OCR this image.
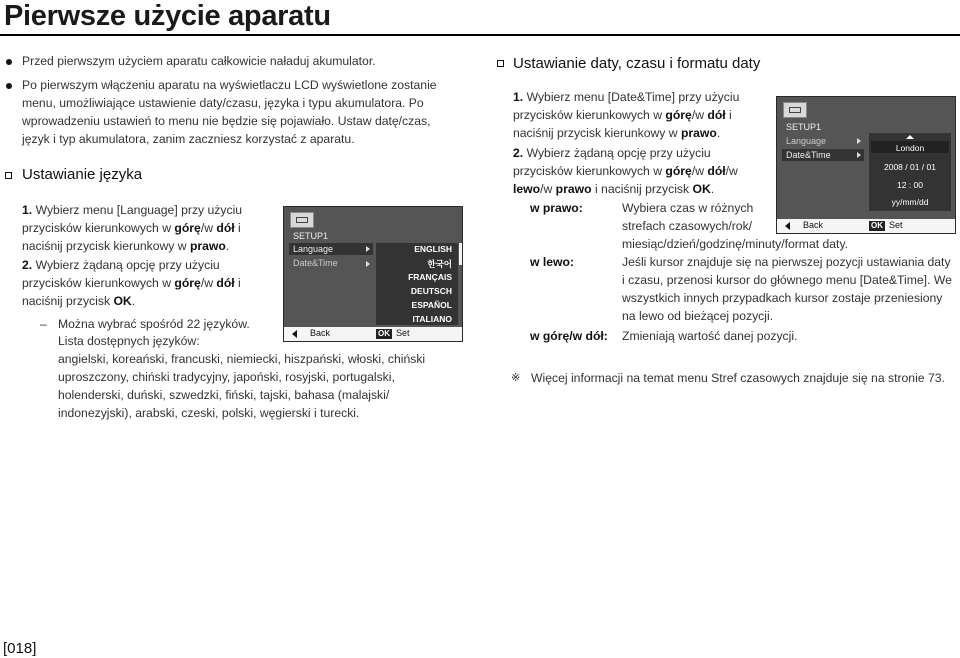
Pierwsze użycie aparatu
Przed pierwszym użyciem aparatu całkowicie naładuj akumulator.
Po pierwszym włączeniu aparatu na wyświetlaczu LCD wyświetlone zostanie
menu, umożliwiające ustawienie daty/czasu, języka i typu akumulatora. Po
wprowadzeniu ustawień to menu nie będzie się pojawiało. Ustaw datę/czas,
język i typ akumulatora, zanim zaczniesz korzystać z aparatu.
Ustawianie języka
1. Wybierz menu [Language] przy użyciu
przycisków kierunkowych w górę/w dół i
naciśnij przycisk kierunkowy w prawo.
2. Wybierz żądaną opcję przy użyciu
przycisków kierunkowych w górę/w dół i
naciśnij przycisk OK.
– Można wybrać spośród 22 języków.
Lista dostępnych języków:
angielski, koreański, francuski, niemiecki, hiszpański, włoski, chiński
uproszczony, chiński tradycyjny, japoński, rosyjski, portugalski,
holenderski, duński, szwedzki, fiński, tajski, bahasa (malajski/
indonezyjski), arabski, czeski, polski, węgierski i turecki.
SETUP1
Language
Date&Time
ENGLISH
한국어
FRANÇAIS
DEUTSCH
ESPAÑOL
ITALIANO
Back	OK Set
Ustawianie daty, czasu i formatu daty
1. Wybierz menu [Date&Time] przy użyciu
przycisków kierunkowych w górę/w dół i
naciśnij przycisk kierunkowy w prawo.
2. Wybierz żądaną opcję przy użyciu
przycisków kierunkowych w górę/w dół/w
lewo/w prawo i naciśnij przycisk OK.
w prawo:	Wybiera czas w różnych
strefach czasowych/rok/
miesiąc/dzień/godzinę/minuty/format daty.
w lewo:	Jeśli kursor znajduje się na pierwszej pozycji ustawiania daty
i czasu, przenosi kursor do głównego menu [Date&Time]. We
wszystkich innych przypadkach kursor zostaje przeniesiony
na lewo od bieżącej pozycji.
w górę/w dół: Zmieniają wartość danej pozycji.
※ Więcej informacji na temat menu Stref czasowych znajduje się na stronie 73.
SETUP1
Language
Date&Time
London
2008 / 01 / 01
12 : 00
yy/mm/dd
Back	OK Set
[018]
